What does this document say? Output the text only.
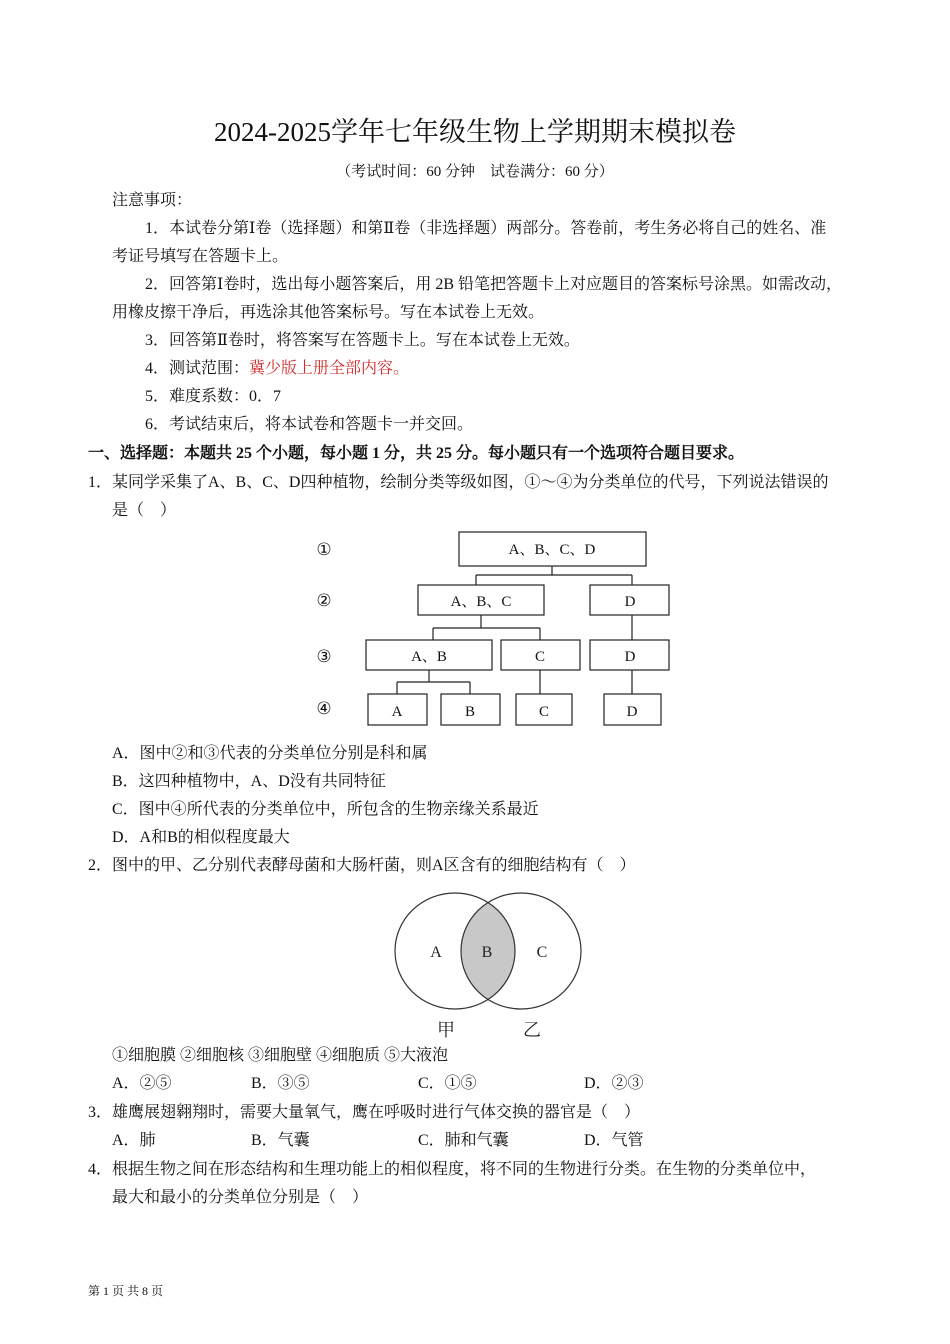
2024-2025学年七年级生物上学期期末模拟卷
（考试时间：60 分钟　试卷满分：60 分）
注意事项：
1．本试卷分第Ⅰ卷（选择题）和第Ⅱ卷（非选择题）两部分。答卷前，考生务必将自己的姓名、准
考证号填写在答题卡上。
2．回答第Ⅰ卷时，选出每小题答案后，用 2B 铅笔把答题卡上对应题目的答案标号涂黑。如需改动，
用橡皮擦干净后，再选涂其他答案标号。写在本试卷上无效。
3．回答第Ⅱ卷时，将答案写在答题卡上。写在本试卷上无效。
4．测试范围：冀少版上册全部内容。
5．难度系数：0．7
6．考试结束后，将本试卷和答题卡一并交回。
一、选择题：本题共 25 个小题，每小题 1 分，共 25 分。每小题只有一个选项符合题目要求。
1．某同学采集了A、B、C、D四种植物，绘制分类等级如图，①～④为分类单位的代号，下列说法错误的
是（　）
①
②
③
④
A、B、C、D
A、B、C	D
A、B	C	D
A	B	C	D
A B	C
甲	乙
A．图中②和③代表的分类单位分别是科和属
B．这四种植物中，A、D没有共同特征
C．图中④所代表的分类单位中，所包含的生物亲缘关系最近
D．A和B的相似程度最大
2．图中的甲、乙分别代表酵母菌和大肠杆菌，则A区含有的细胞结构有（　）
①细胞膜 ②细胞核 ③细胞壁 ④细胞质 ⑤大液泡
A．②⑤	B．③⑤	C．①⑤	D．②③
3．雄鹰展翅翱翔时，需要大量氧气，鹰在呼吸时进行气体交换的器官是（　）
A．肺	B．气囊	C．肺和气囊	D．气管
4．根据生物之间在形态结构和生理功能上的相似程度，将不同的生物进行分类。在生物的分类单位中，
最大和最小的分类单位分别是（　）
第 1 页 共 8 页
